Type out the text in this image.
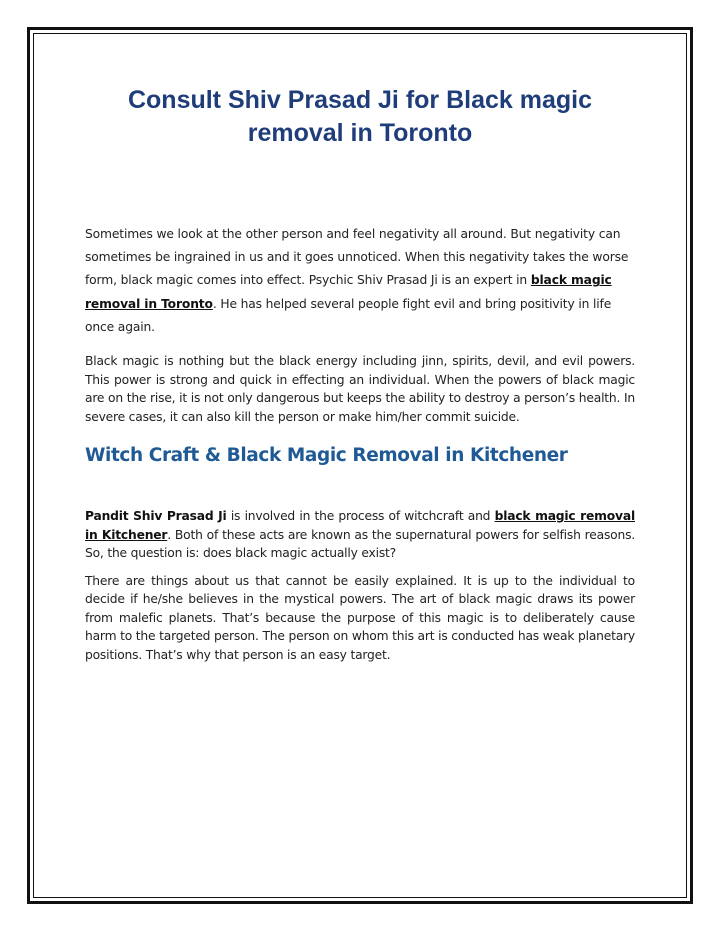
Consult Shiv Prasad Ji for Black magic removal in Toronto

Sometimes we look at the other person and feel negativity all around. But negativity can sometimes be ingrained in us and it goes unnoticed. When this negativity takes the worse form, black magic comes into effect. Psychic Shiv Prasad Ji is an expert in black magic removal in Toronto. He has helped several people fight evil and bring positivity in life once again.

Black magic is nothing but the black energy including jinn, spirits, devil, and evil powers. This power is strong and quick in effecting an individual. When the powers of black magic are on the rise, it is not only dangerous but keeps the ability to destroy a person’s health. In severe cases, it can also kill the person or make him/her commit suicide.

Witch Craft & Black Magic Removal in Kitchener

Pandit Shiv Prasad Ji is involved in the process of witchcraft and black magic removal in Kitchener. Both of these acts are known as the supernatural powers for selfish reasons. So, the question is: does black magic actually exist?

There are things about us that cannot be easily explained. It is up to the individual to decide if he/she believes in the mystical powers. The art of black magic draws its power from malefic planets. That’s because the purpose of this magic is to deliberately cause harm to the targeted person. The person on whom this art is conducted has weak planetary positions. That’s why that person is an easy target.
